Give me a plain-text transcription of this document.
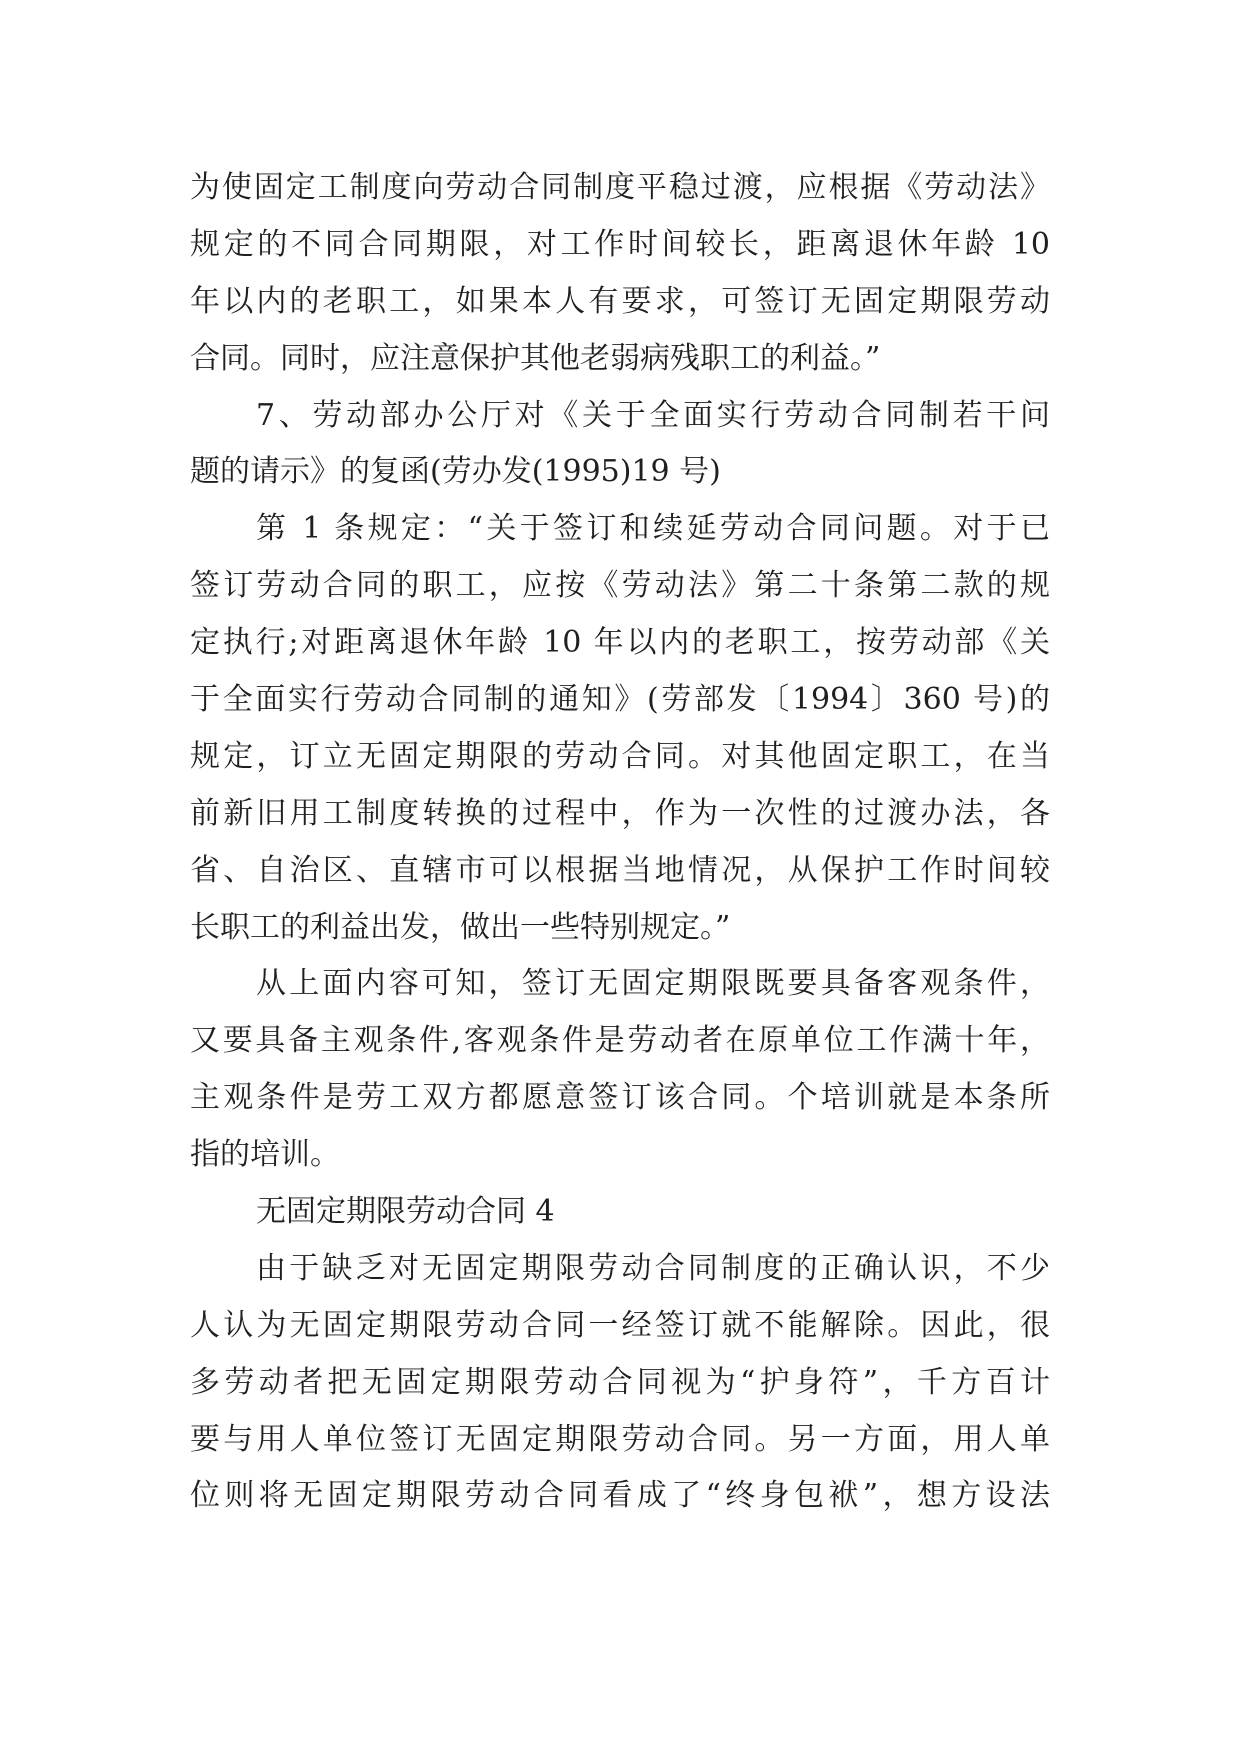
为使固定工制度向劳动合同制度平稳过渡，应根据《劳动法》
规定的不同合同期限，对工作时间较长，距离退休年龄 10
年以内的老职工，如果本人有要求，可签订无固定期限劳动
合同。同时，应注意保护其他老弱病残职工的利益。”
7、劳动部办公厅对《关于全面实行劳动合同制若干问
题的请示》的复函(劳办发(1995)19 号)
第 1 条规定：“关于签订和续延劳动合同问题。对于已
签订劳动合同的职工，应按《劳动法》第二十条第二款的规
定执行;对距离退休年龄 10 年以内的老职工，按劳动部《关
于全面实行劳动合同制的通知》(劳部发〔1994〕360 号)的
规定，订立无固定期限的劳动合同。对其他固定职工，在当
前新旧用工制度转换的过程中，作为一次性的过渡办法，各
省、自治区、直辖市可以根据当地情况，从保护工作时间较
长职工的利益出发，做出一些特别规定。”
从上面内容可知，签订无固定期限既要具备客观条件，
又要具备主观条件,客观条件是劳动者在原单位工作满十年，
主观条件是劳工双方都愿意签订该合同。个培训就是本条所
指的培训。
无固定期限劳动合同 4
由于缺乏对无固定期限劳动合同制度的正确认识，不少
人认为无固定期限劳动合同一经签订就不能解除。因此，很
多劳动者把无固定期限劳动合同视为“护身符”，千方百计
要与用人单位签订无固定期限劳动合同。另一方面，用人单
位则将无固定期限劳动合同看成了“终身包袱”，想方设法
